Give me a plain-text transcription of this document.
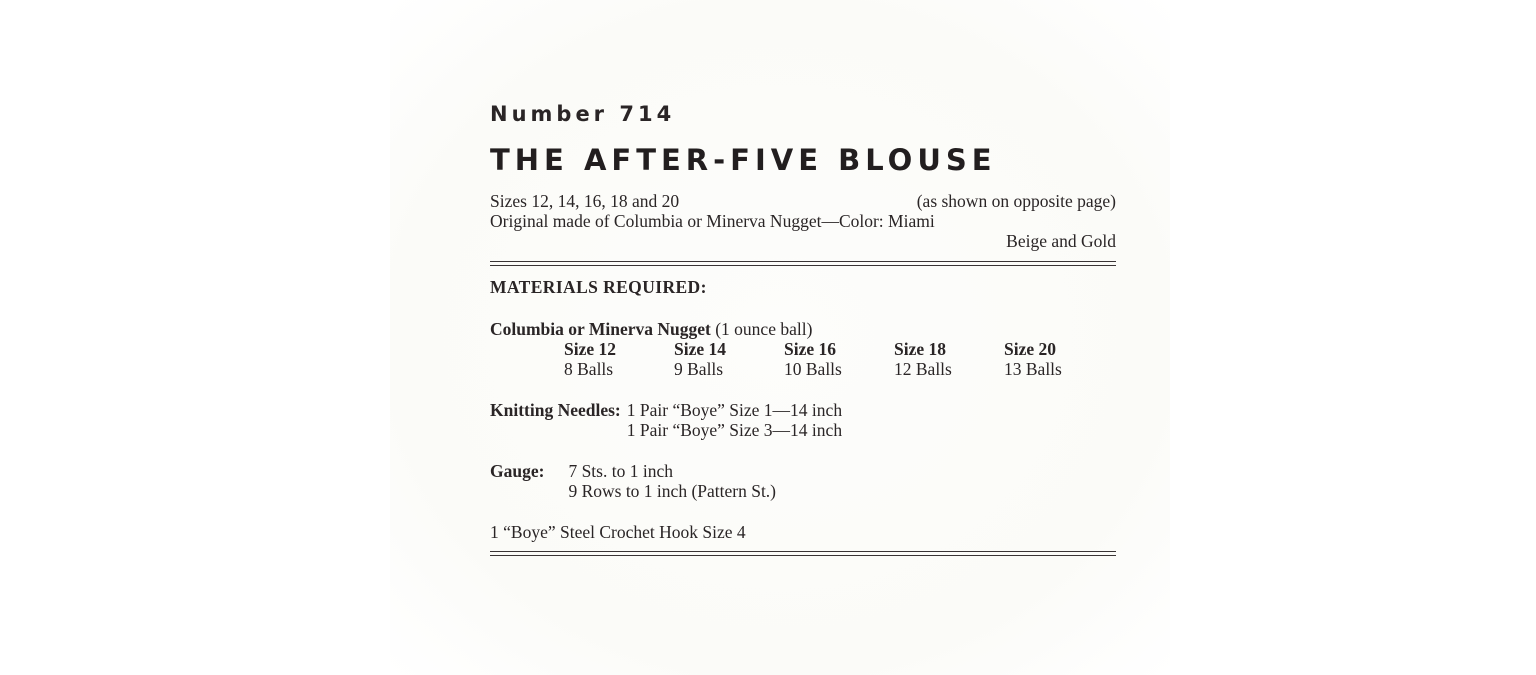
Number 714
THE AFTER-FIVE BLOUSE
Sizes 12, 14, 16, 18 and 20	(as shown on opposite page)
Original made of Columbia or Minerva Nugget—Color: Miami
Beige and Gold
MATERIALS REQUIRED:
Columbia or Minerva Nugget (1 ounce ball)
Size 12	Size 14	Size 16	Size 18	Size 20
8 Balls	9 Balls	10 Balls	12 Balls	13 Balls
Knitting Needles: 1 Pair “Boye” Size 1—14 inch
1 Pair “Boye” Size 3—14 inch
Gauge: 7 Sts. to 1 inch
9 Rows to 1 inch (Pattern St.)
1 “Boye” Steel Crochet Hook Size 4
